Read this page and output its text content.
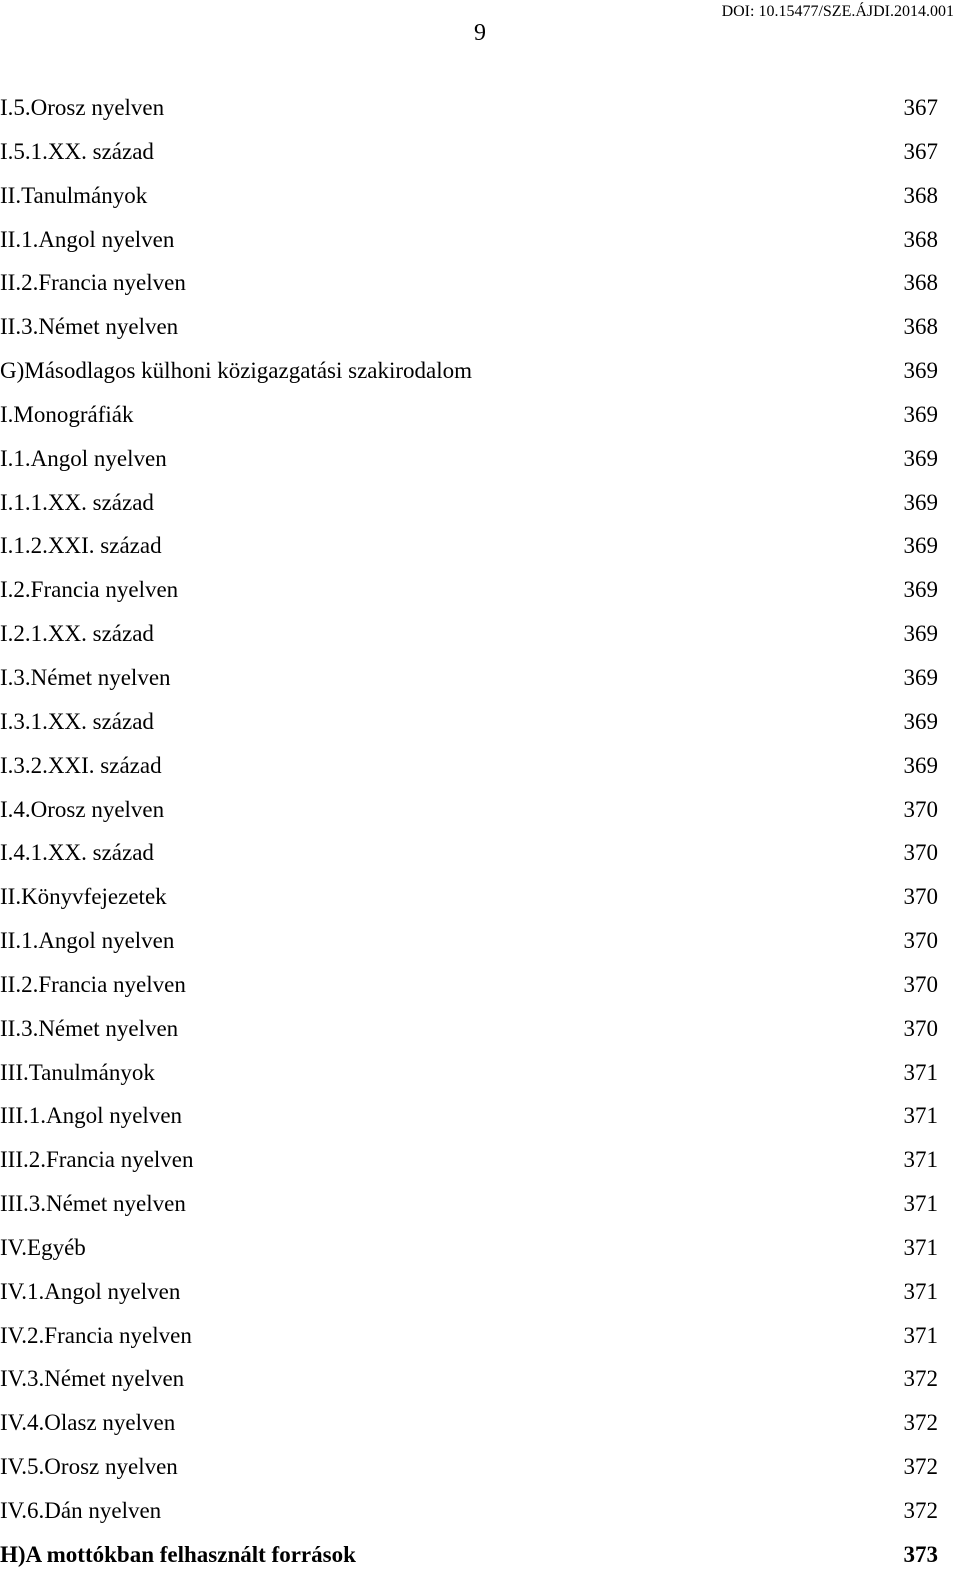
9
DOI: 10.15477/SZE.ÁJDI.2014.001
I.5.Orosz nyelven	367
I.5.1.XX. század	367
II.Tanulmányok	368
II.1.Angol nyelven	368
II.2.Francia nyelven	368
II.3.Német nyelven	368
G)Másodlagos külhoni közigazgatási szakirodalom	369
I.Monográfiák	369
I.1.Angol nyelven	369
I.1.1.XX. század	369
I.1.2.XXI. század	369
I.2.Francia nyelven	369
I.2.1.XX. század	369
I.3.Német nyelven	369
I.3.1.XX. század	369
I.3.2.XXI. század	369
I.4.Orosz nyelven	370
I.4.1.XX. század	370
II.Könyvfejezetek	370
II.1.Angol nyelven	370
II.2.Francia nyelven	370
II.3.Német nyelven	370
III.Tanulmányok	371
III.1.Angol nyelven	371
III.2.Francia nyelven	371
III.3.Német nyelven	371
IV.Egyéb	371
IV.1.Angol nyelven	371
IV.2.Francia nyelven	371
IV.3.Német nyelven	372
IV.4.Olasz nyelven	372
IV.5.Orosz nyelven	372
IV.6.Dán nyelven	372
H)A mottókban felhasznált források	373
